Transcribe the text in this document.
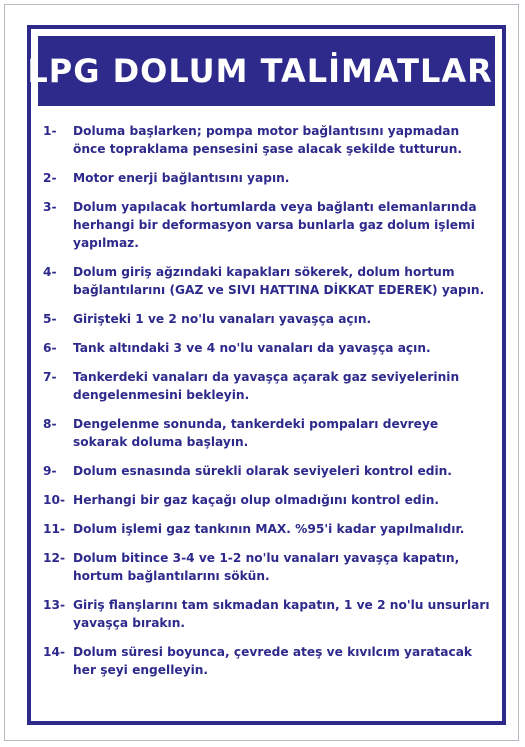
LPG DOLUM TALİMATLARI
1-	Doluma başlarken; pompa motor bağlantısını yapmadan önce topraklama pensesini şase alacak şekilde tutturun.
2-	Motor enerji bağlantısını yapın.
3-	Dolum yapılacak hortumlarda veya bağlantı elemanlarında herhangi bir deformasyon varsa bunlarla gaz dolum işlemi yapılmaz.
4-	Dolum giriş ağzındaki kapakları sökerek, dolum hortum bağlantılarını (GAZ ve SIVI HATTINA DİKKAT EDEREK) yapın.
5-	Girişteki 1 ve 2 no'lu vanaları yavaşça açın.
6-	Tank altındaki 3 ve 4 no'lu vanaları da yavaşça açın.
7-	Tankerdeki vanaları da yavaşça açarak gaz seviyelerinin dengelenmesini bekleyin.
8-	Dengelenme sonunda, tankerdeki pompaları devreye sokarak doluma başlayın.
9-	Dolum esnasında sürekli olarak seviyeleri kontrol edin.
10- Herhangi bir gaz kaçağı olup olmadığını kontrol edin.
11- Dolum işlemi gaz tankının MAX. %95'i kadar yapılmalıdır.
12- Dolum bitince 3-4 ve 1-2 no'lu vanaları yavaşça kapatın, hortum bağlantılarını sökün.
13- Giriş flanşlarını tam sıkmadan kapatın, 1 ve 2 no'lu unsurları yavaşça bırakın.
14- Dolum süresi boyunca, çevrede ateş ve kıvılcım yaratacak her şeyi engelleyin.
